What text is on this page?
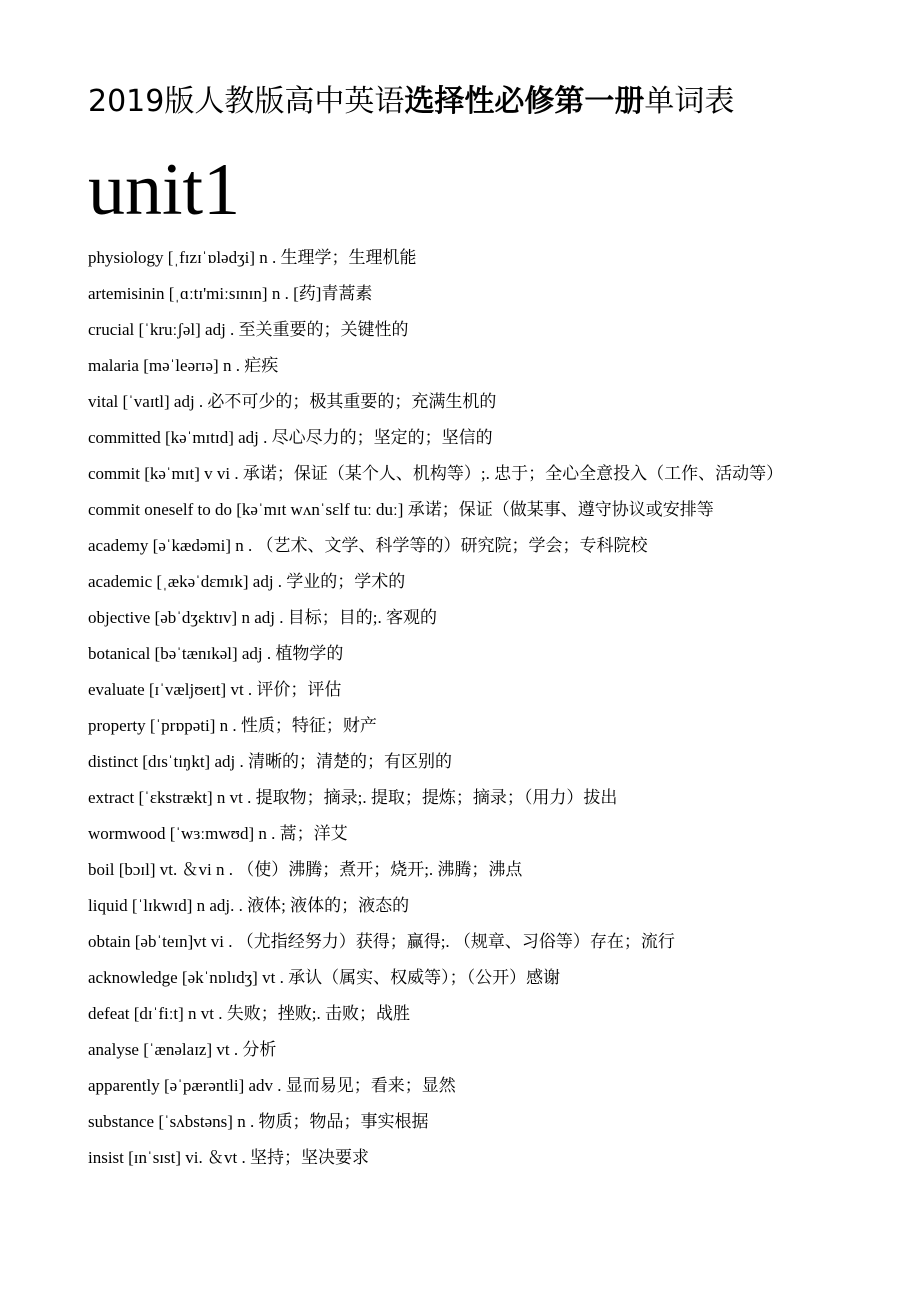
2019版人教版高中英语选择性必修第一册单词表
unit1
physiology [ˌfɪzɪˈɒlədʒi] n . 生理学；生理机能
artemisinin [ˌɑːtɪ'miːsɪnɪn] n . [药]青蒿素
crucial [ˈkruːʃəl] adj . 至关重要的；关键性的
malaria [məˈleərɪə] n . 疟疾
vital [ˈvaɪtl] adj . 必不可少的；极其重要的；充满生机的
committed [kəˈmɪtɪd] adj . 尽心尽力的；坚定的；坚信的
commit [kəˈmɪt] v vi . 承诺；保证（某个人、机构等）;. 忠于；全心全意投入（工作、活动等）
commit oneself to do [kəˈmɪt wʌnˈsɛlf tuː duː] 承诺；保证（做某事、遵守协议或安排等
academy [əˈkædəmi] n . （艺术、文学、科学等的）研究院；学会；专科院校
academic [ˌækəˈdɛmɪk] adj . 学业的；学术的
objective [əbˈdʒɛktɪv] n adj . 目标；目的;. 客观的
botanical [bəˈtænɪkəl] adj . 植物学的
evaluate [ɪˈvæljʊeɪt] vt . 评价；评估
property [ˈprɒpəti] n . 性质；特征；财产
distinct [dɪsˈtɪŋkt] adj . 清晰的；清楚的；有区别的
extract [ˈɛkstrækt] n vt . 提取物；摘录;. 提取；提炼；摘录；（用力）拔出
wormwood [ˈwɜːmwʊd] n . 蒿；洋艾
boil [bɔɪl] vt. ＆vi n . （使）沸腾；煮开；烧开;. 沸腾；沸点
liquid [ˈlɪkwɪd] n adj. . 液体; 液体的；液态的
obtain [əbˈteɪn]vt vi . （尤指经努力）获得；赢得;. （规章、习俗等）存在；流行
acknowledge [əkˈnɒlɪdʒ] vt . 承认（属实、权威等）；（公开）感谢
defeat [dɪˈfiːt] n vt . 失败；挫败;. 击败；战胜
analyse [ˈænəlaɪz] vt . 分析
apparently [əˈpærəntli] adv . 显而易见；看来；显然
substance [ˈsʌbstəns] n . 物质；物品；事实根据
insist [ɪnˈsɪst] vi. ＆vt . 坚持；坚决要求
